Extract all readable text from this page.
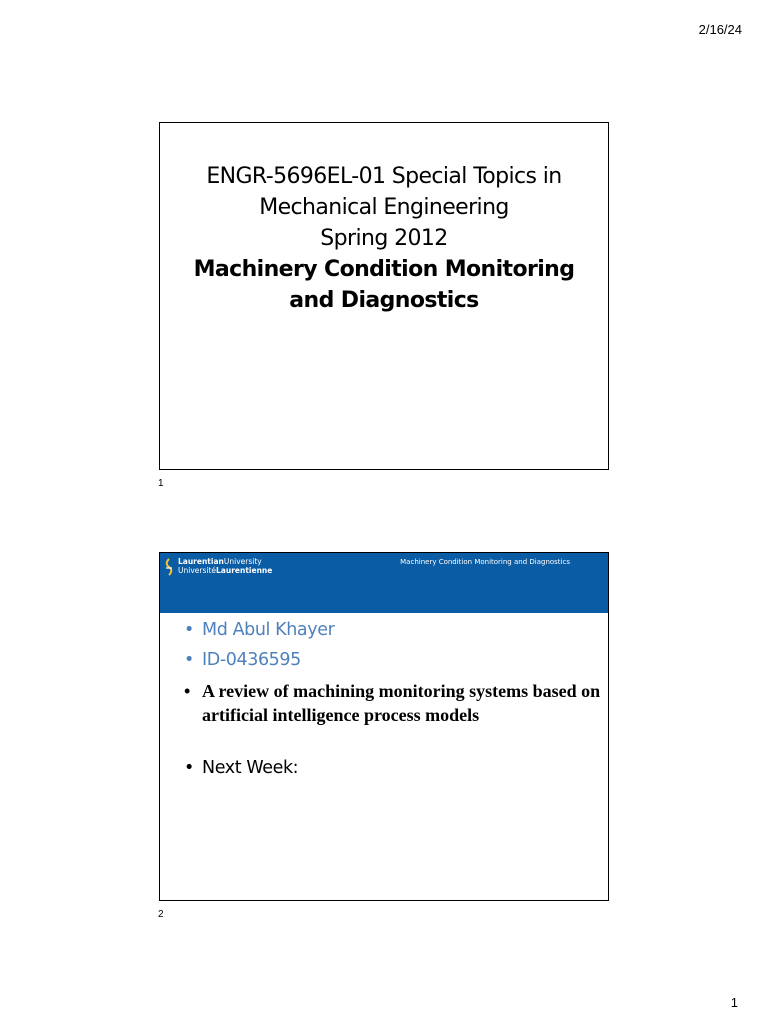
2/16/24
ENGR-5696EL-01 Special Topics in
Mechanical Engineering
Spring 2012
Machinery Condition Monitoring
and Diagnostics
1
LaurentianUniversity
UniversitéLaurentienne
Machinery Condition Monitoring and Diagnostics
• Md Abul Khayer
• ID-0436595
• A review of machining monitoring systems based on artificial intelligence process models
• Next Week:
2
1
